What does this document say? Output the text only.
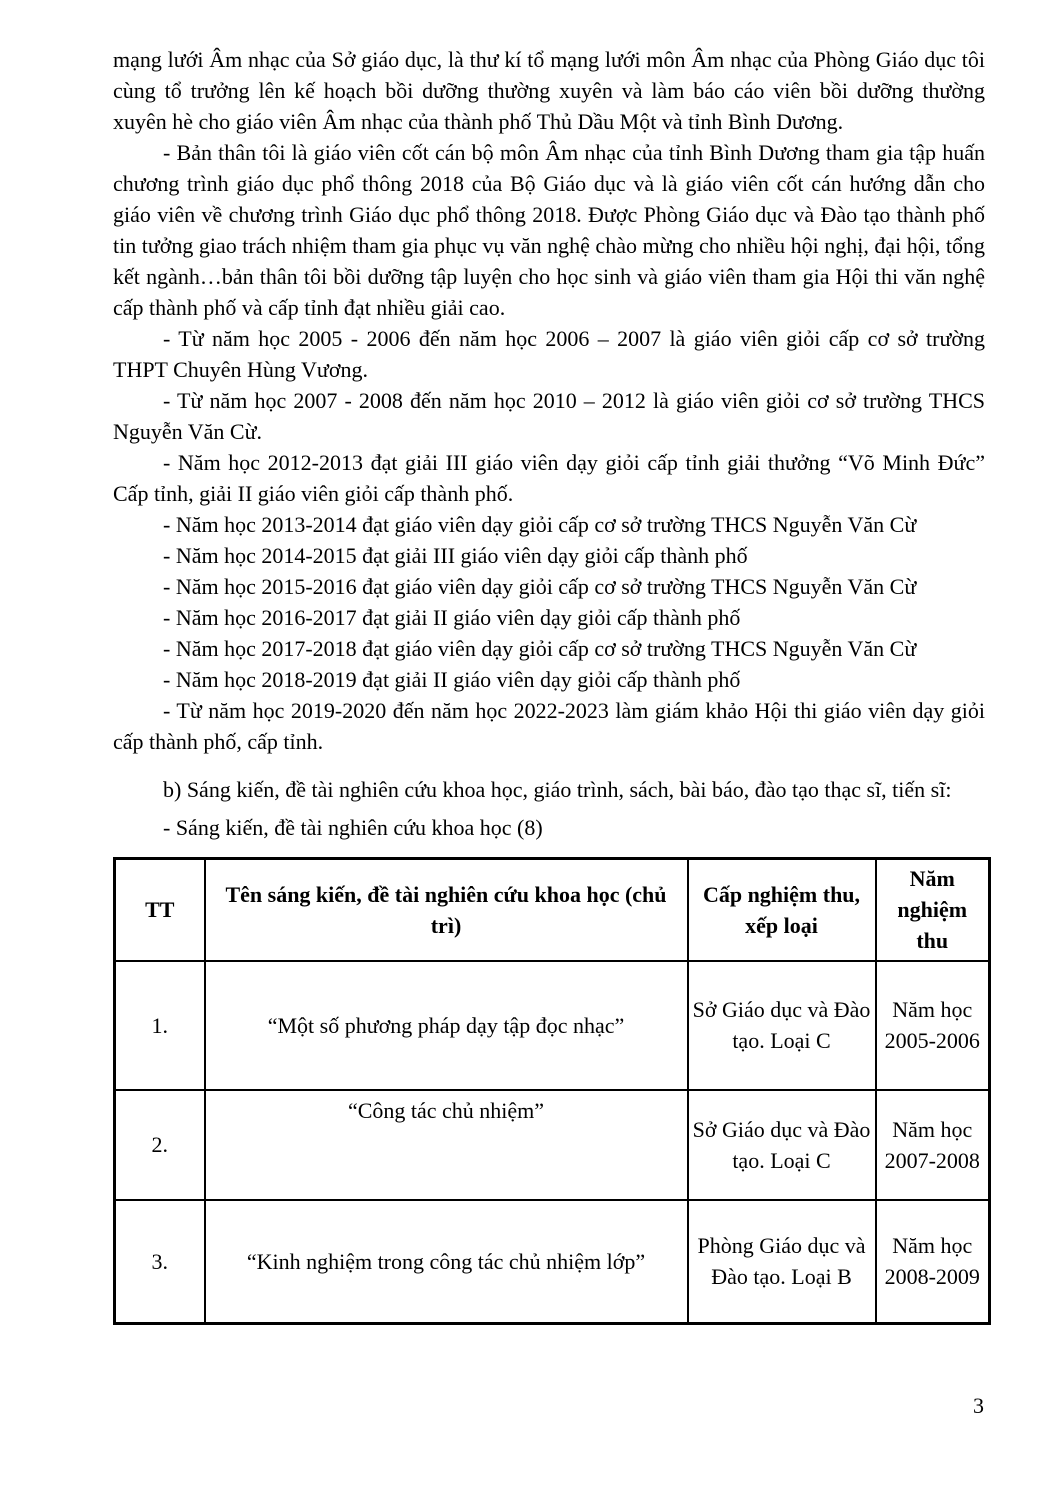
mạng lưới Âm nhạc của Sở giáo dục, là thư kí tổ mạng lưới môn Âm nhạc của Phòng Giáo dục tôi cùng tổ trưởng lên kế hoạch bồi dưỡng thường xuyên và làm báo cáo viên bồi dưỡng thường xuyên hè cho giáo viên Âm nhạc của thành phố Thủ Dầu Một và tỉnh Bình Dương.

- Bản thân tôi là giáo viên cốt cán bộ môn Âm nhạc của tỉnh Bình Dương tham gia tập huấn chương trình giáo dục phổ thông 2018 của Bộ Giáo dục và là giáo viên cốt cán hướng dẫn cho giáo viên về chương trình Giáo dục phổ thông 2018. Được Phòng Giáo dục và Đào tạo thành phố tin tưởng giao trách nhiệm tham gia phục vụ văn nghệ chào mừng cho nhiều hội nghị, đại hội, tổng kết ngành…bản thân tôi bồi dưỡng tập luyện cho học sinh và giáo viên tham gia Hội thi văn nghệ cấp thành phố và cấp tỉnh đạt nhiều giải cao.

- Từ năm học 2005 - 2006 đến năm học 2006 – 2007 là giáo viên giỏi cấp cơ sở trường THPT Chuyên Hùng Vương.

- Từ năm học 2007 - 2008 đến năm học 2010 – 2012 là giáo viên giỏi cơ sở trường THCS Nguyễn Văn Cừ.

- Năm học 2012-2013 đạt giải III giáo viên dạy giỏi cấp tỉnh giải thưởng “Võ Minh Đức” Cấp tỉnh, giải II giáo viên giỏi cấp thành phố.

- Năm học 2013-2014 đạt giáo viên dạy giỏi cấp cơ sở trường THCS Nguyễn Văn Cừ

- Năm học 2014-2015 đạt giải III giáo viên dạy giỏi cấp thành phố

- Năm học 2015-2016 đạt giáo viên dạy giỏi cấp cơ sở trường THCS Nguyễn Văn Cừ

- Năm học 2016-2017 đạt giải II giáo viên dạy giỏi cấp thành phố

- Năm học 2017-2018 đạt giáo viên dạy giỏi cấp cơ sở trường THCS Nguyễn Văn Cừ

- Năm học 2018-2019 đạt giải II giáo viên dạy giỏi cấp thành phố

- Từ năm học 2019-2020 đến năm học 2022-2023 làm giám khảo Hội thi giáo viên dạy giỏi cấp thành phố, cấp tỉnh.

b) Sáng kiến, đề tài nghiên cứu khoa học, giáo trình, sách, bài báo, đào tạo thạc sĩ, tiến sĩ:

- Sáng kiến, đề tài nghiên cứu khoa học (8)

TT	Tên sáng kiến, đề tài nghiên cứu khoa học (chủ trì)	Cấp nghiệm thu, xếp loại	Năm nghiệm thu
1.	“Một số phương pháp dạy tập đọc nhạc”	Sở Giáo dục và Đào tạo. Loại C	Năm học 2005-2006
2.	“Công tác chủ nhiệm”	Sở Giáo dục và Đào tạo. Loại C	Năm học 2007-2008
3.	“Kinh nghiệm trong công tác chủ nhiệm lớp”	Phòng Giáo dục và Đào tạo. Loại B	Năm học 2008-2009
3
